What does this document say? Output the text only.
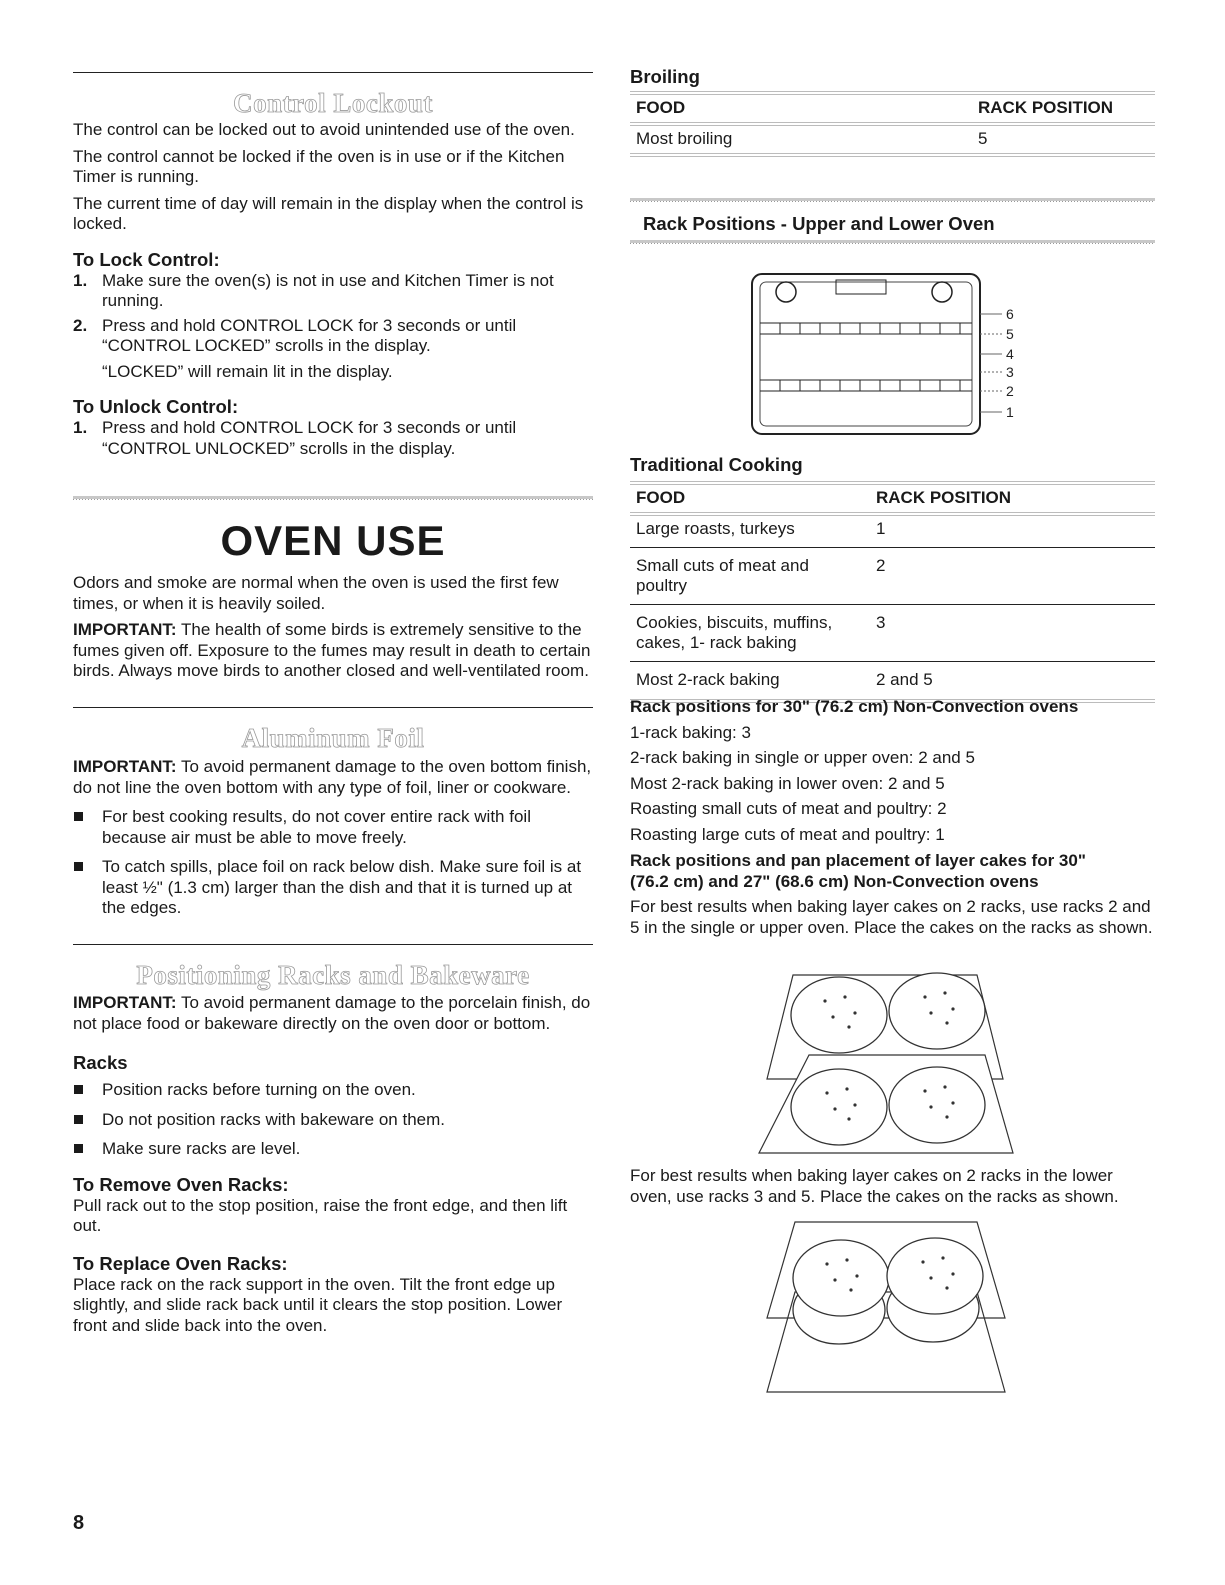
Control Lockout

The control can be locked out to avoid unintended use of the oven.

The control cannot be locked if the oven is in use or if the Kitchen Timer is running.

The current time of day will remain in the display when the control is locked.

To Lock Control:
1. Make sure the oven(s) is not in use and Kitchen Timer is not running.
2. Press and hold CONTROL LOCK for 3 seconds or until “CONTROL LOCKED” scrolls in the display.

“LOCKED” will remain lit in the display.

To Unlock Control:
1. Press and hold CONTROL LOCK for 3 seconds or until “CONTROL UNLOCKED” scrolls in the display.
OVEN USE

Odors and smoke are normal when the oven is used the first few times, or when it is heavily soiled.

IMPORTANT: The health of some birds is extremely sensitive to the fumes given off. Exposure to the fumes may result in death to certain birds. Always move birds to another closed and well-ventilated room.

Aluminum Foil

IMPORTANT: To avoid permanent damage to the oven bottom finish, do not line the oven bottom with any type of foil, liner or cookware.

For best cooking results, do not cover entire rack with foil because air must be able to move freely.
To catch spills, place foil on rack below dish. Make sure foil is at least ½" (1.3 cm) larger than the dish and that it is turned up at the edges.
Positioning Racks and Bakeware

IMPORTANT: To avoid permanent damage to the porcelain finish, do not place food or bakeware directly on the oven door or bottom.

Racks
Position racks before turning on the oven.
Do not position racks with bakeware on them.
Make sure racks are level.
To Remove Oven Racks:

Pull rack out to the stop position, raise the front edge, and then lift out.

To Replace Oven Racks:

Place rack on the rack support in the oven. Tilt the front edge up slightly, and slide rack back until it clears the stop position. Lower front and slide back into the oven.

Broiling
FOOD	RACK POSITION
Most broiling	5
Rack Positions - Upper and Lower Oven
6
5
4
3
2
1
Traditional Cooking
FOOD	RACK POSITION
Large roasts, turkeys	1
Small cuts of meat and poultry	2
Cookies, biscuits, muffins, cakes, 1- rack baking	3
Most 2-rack baking	2 and 5

Rack positions for 30" (76.2 cm) Non-Convection ovens

1-rack baking: 3

2-rack baking in single or upper oven: 2 and 5

Most 2-rack baking in lower oven: 2 and 5

Roasting small cuts of meat and poultry: 2

Roasting large cuts of meat and poultry: 1

Rack positions and pan placement of layer cakes for 30" (76.2 cm) and 27" (68.6 cm) Non-Convection ovens

For best results when baking layer cakes on 2 racks, use racks 2 and 5 in the single or upper oven. Place the cakes on the racks as shown.

For best results when baking layer cakes on 2 racks in the lower oven, use racks 3 and 5. Place the cakes on the racks as shown.

8
